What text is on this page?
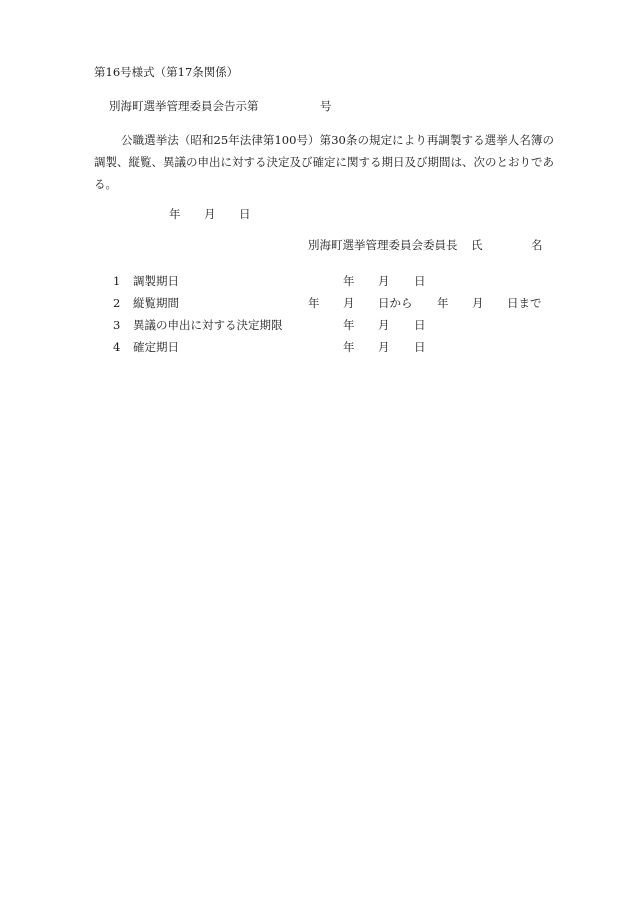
第16号様式（第17条関係）
別海町選挙管理委員会告示第	号
公職選挙法（昭和25年法律第100号）第30条の規定により再調製する選挙人名簿の調製、縦覧、異議の申出に対する決定及び確定に関する期日及び期間は、次のとおりである。
年 月 日
別海町選挙管理委員会委員長 氏	名
1 調製期日	年 月 日
2 縦覧期間	年 月 日から 年 月 日まで
3 異議の申出に対する決定期限	年 月 日
4 確定期日	年 月 日
